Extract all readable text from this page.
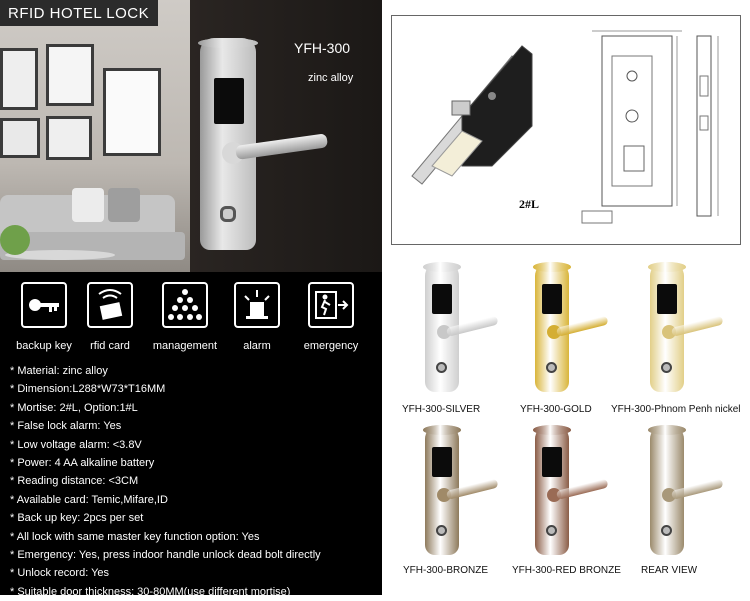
RFID HOTEL LOCK
YFH-300
zinc alloy
backup key	rfid card	management	alarm	emergency
* Material: zinc alloy
* Dimension:L288*W73*T16MM
* Mortise: 2#L, Option:1#L
* False lock alarm: Yes
* Low voltage alarm: <3.8V
* Power: 4 AA alkaline battery
* Reading distance: <3CM
* Available card: Temic,Mifare,ID
* Back up key: 2pcs per set
* All lock with same master key function option: Yes
* Emergency: Yes, press indoor handle unlock dead bolt directly
* Unlock record: Yes
* Suitable door thickness: 30-80MM(use different mortise)
2#L
YFH-300-SILVER	YFH-300-GOLD YFH-300-Phnom Penh nickel
YFH-300-BRONZE YFH-300-RED BRONZE REAR VIEW
